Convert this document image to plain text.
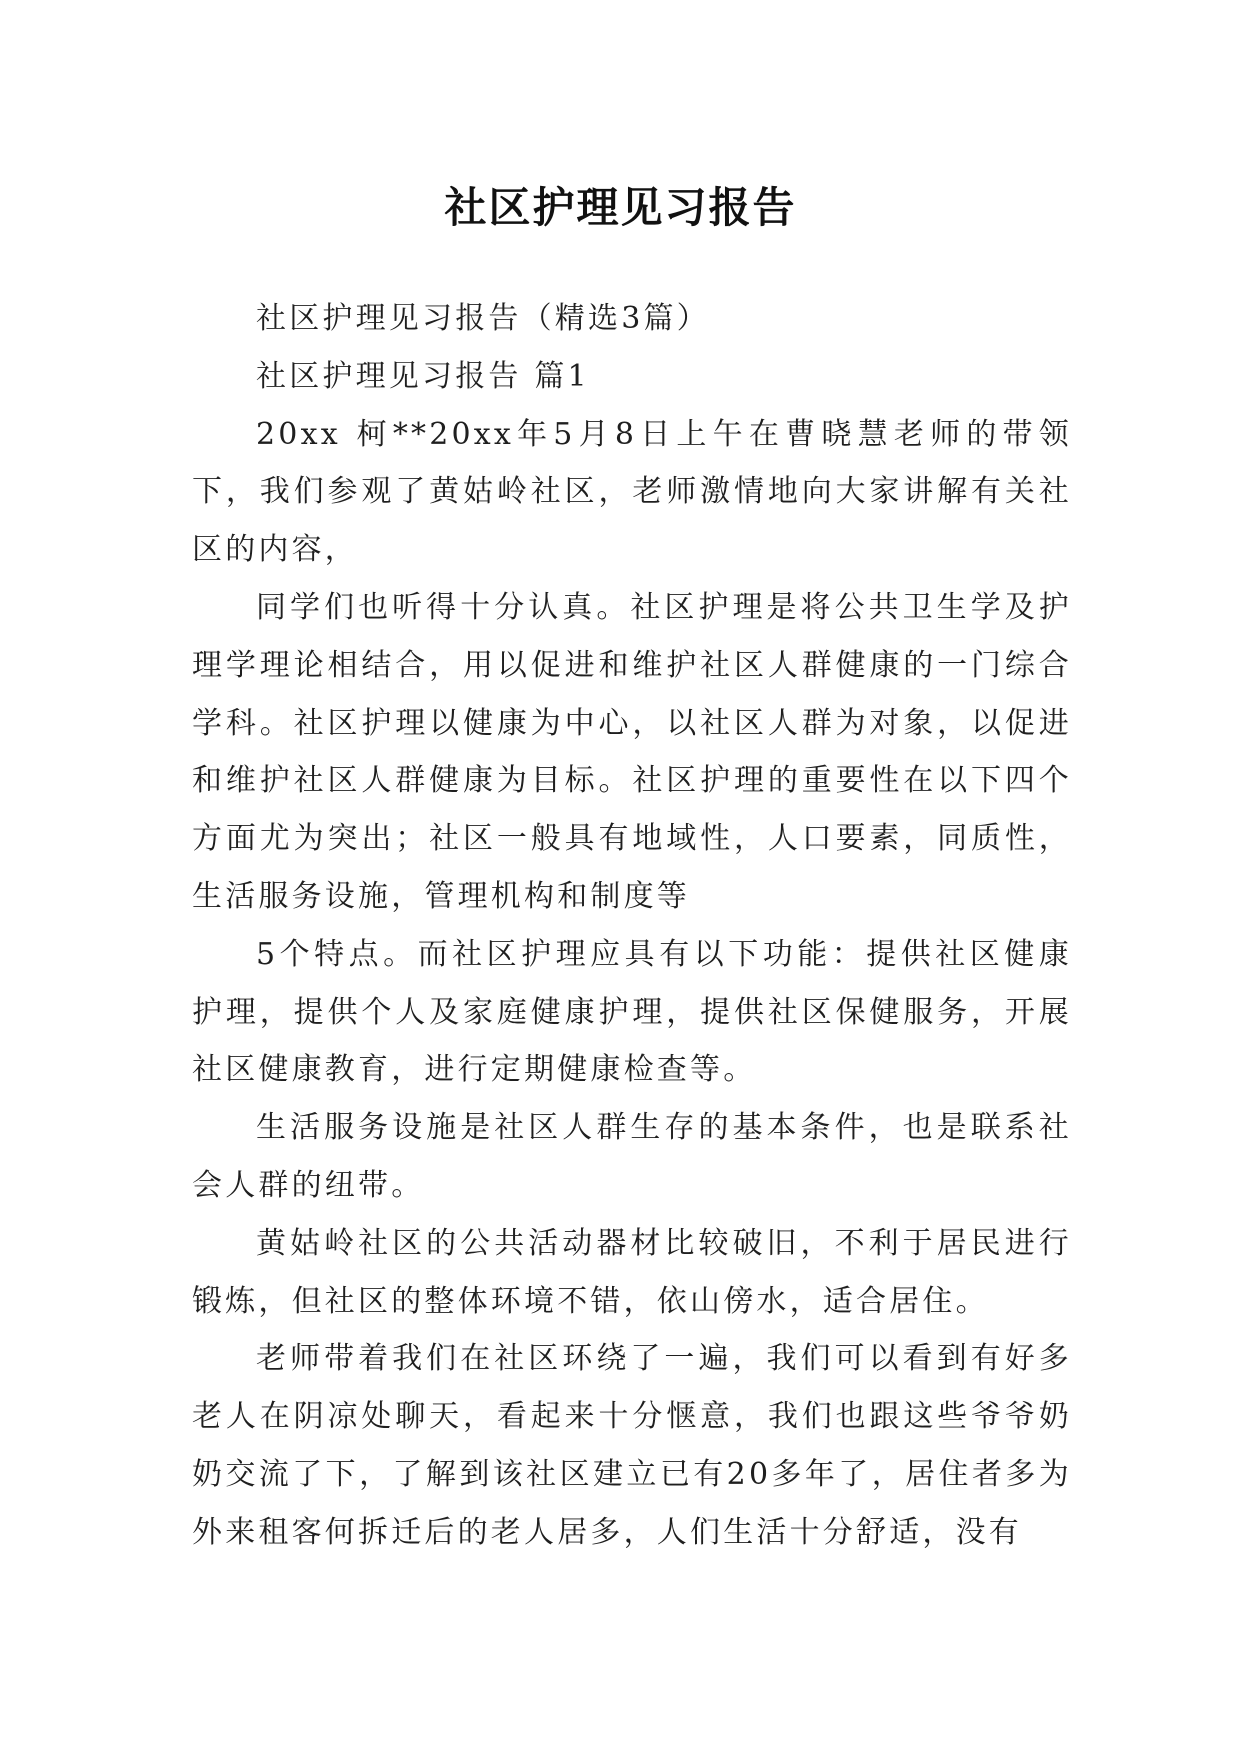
社区护理见习报告

社区护理见习报告（精选3篇）

社区护理见习报告 篇1

20xx 柯**20xx年5月8日上午在曹晓慧老师的带领下，我们参观了黄姑岭社区，老师激情地向大家讲解有关社区的内容，

同学们也听得十分认真。社区护理是将公共卫生学及护理学理论相结合，用以促进和维护社区人群健康的一门综合学科。社区护理以健康为中心，以社区人群为对象，以促进和维护社区人群健康为目标。社区护理的重要性在以下四个方面尤为突出；社区一般具有地域性，人口要素，同质性，生活服务设施，管理机构和制度等

5个特点。而社区护理应具有以下功能：提供社区健康护理，提供个人及家庭健康护理，提供社区保健服务，开展社区健康教育，进行定期健康检查等。

生活服务设施是社区人群生存的基本条件，也是联系社会人群的纽带。

黄姑岭社区的公共活动器材比较破旧，不利于居民进行锻炼，但社区的整体环境不错，依山傍水，适合居住。

老师带着我们在社区环绕了一遍，我们可以看到有好多老人在阴凉处聊天，看起来十分惬意，我们也跟这些爷爷奶奶交流了下，了解到该社区建立已有20多年了，居住者多为外来租客何拆迁后的老人居多，人们生活十分舒适，没有
